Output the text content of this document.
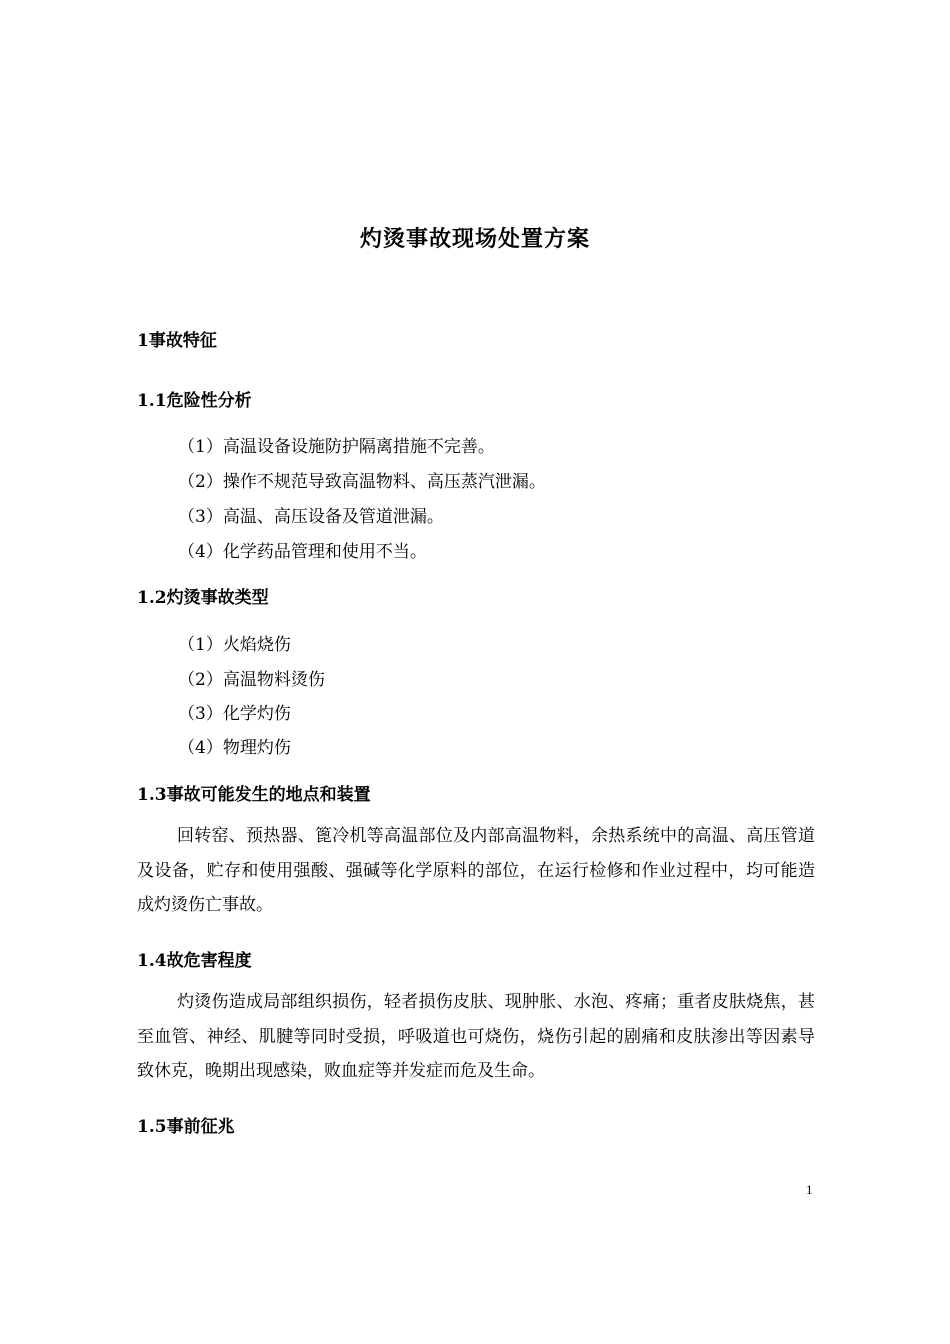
灼烫事故现场处置方案
1事故特征
1.1危险性分析
（1）高温设备设施防护隔离措施不完善。
（2）操作不规范导致高温物料、高压蒸汽泄漏。
（3）高温、高压设备及管道泄漏。
（4）化学药品管理和使用不当。
1.2灼烫事故类型
（1）火焰烧伤
（2）高温物料烫伤
（3）化学灼伤
（4）物理灼伤
1.3事故可能发生的地点和装置
回转窑、预热器、篦冷机等高温部位及内部高温物料，余热系统中的高温、高压管道及设备，贮存和使用强酸、强碱等化学原料的部位，在运行检修和作业过程中，均可能造成灼烫伤亡事故。
1.4故危害程度
灼烫伤造成局部组织损伤，轻者损伤皮肤、现肿胀、水泡、疼痛；重者皮肤烧焦，甚至血管、神经、肌腱等同时受损，呼吸道也可烧伤，烧伤引起的剧痛和皮肤渗出等因素导致休克，晚期出现感染，败血症等并发症而危及生命。
1.5事前征兆
1
